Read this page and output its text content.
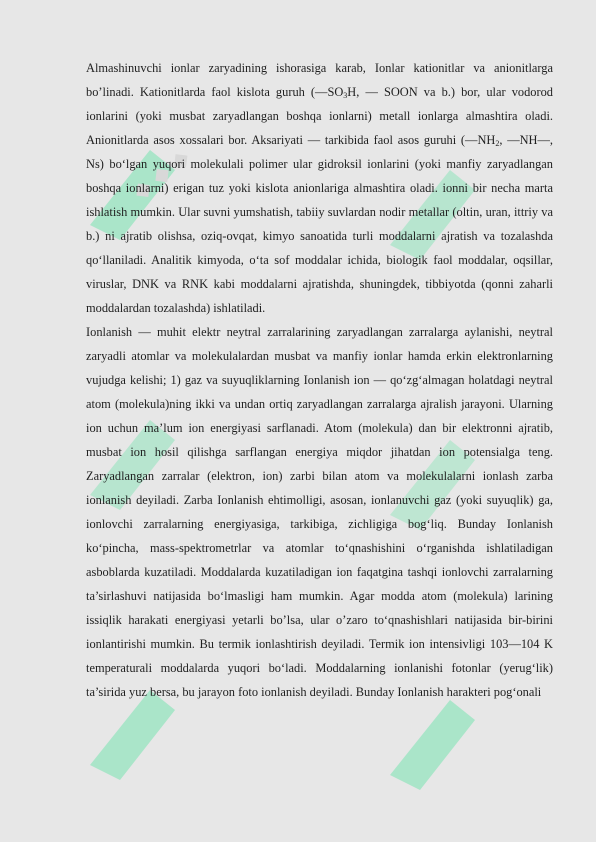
◆ ◆ ◆

Almashinuvchi ionlar zaryadining ishorasiga karab, Ionlar kationitlar va anionitlarga bo’linadi. Kationitlarda faol kislota guruh ($—SO_3H$, — SOON va b.) bor, ular vodorod ionlarini (yoki musbat zaryadlangan boshqa ionlarni) metall ionlarga almashtira oladi. Anionitlarda asos xossalari bor. Aksariyati — tarkibida faol asos guruhi ($—NH_2$, —NH—, Ns) bo‘lgan yuqori molekulali polimer ular gidroksil ionlarini (yoki manfiy zaryadlangan boshqa ionlarni) erigan tuz yoki kislota anionlariga almashtira oladi. ionni bir necha marta ishlatish mumkin. Ular suvni yumshatish, tabiiy suvlardan nodir metallar (oltin, uran, ittriy va b.) ni ajratib olishsa, oziq-ovqat, kimyo sanoatida turli moddalarni ajratish va tozalashda qo‘llaniladi. Analitik kimyoda, o‘ta sof moddalar ichida, biologik faol moddalar, oqsillar, viruslar, DNK va RNK kabi moddalarni ajratishda, shuningdek, tibbiyotda (qonni zaharli moddalardan tozalashda) ishlatiladi.

Ionlanish — muhit elektr neytral zarralarining zaryadlangan zarralarga aylanishi, neytral zaryadli atomlar va molekulalardan musbat va manfiy ionlar hamda erkin elektronlarning vujudga kelishi; 1) gaz va suyuqliklarning Ionlanish ion — qo‘zg‘almagan holatdagi neytral atom (molekula)ning ikki va undan ortiq zaryadlangan zarralarga ajralish jarayoni. Ularning ion uchun ma’lum ion energiyasi sarflanadi. Atom (molekula) dan bir elektronni ajratib, musbat ion hosil qilishga sarflangan energiya miqdor jihatdan ion potensialga teng. Zaryadlangan zarralar (elektron, ion) zarbi bilan atom va molekulalarni ionlash zarba ionlanish deyiladi. Zarba Ionlanish ehtimolligi, asosan, ionlanuvchi gaz (yoki suyuqlik) ga, ionlovchi zarralarning energiyasiga, tarkibiga, zichligiga bog‘liq. Bunday Ionlanish ko‘pincha, mass-spektrometrlar va atomlar to‘qnashishini o‘rganishda ishlatiladigan asboblarda kuzatiladi. Moddalarda kuzatiladigan ion faqatgina tashqi ionlovchi zarralarning ta’sirlashuvi natijasida bo‘lmasligi ham mumkin. Agar modda atom (molekula) larining issiqlik harakati energiyasi yetarli bo’lsa, ular o’zaro to‘qnashishlari natijasida bir-birini ionlantirishi mumkin. Bu termik ionlashtirish deyiladi. Termik ion intensivligi 103—104 K temperaturali moddalarda yuqori bo‘ladi. Moddalarning ionlanishi fotonlar (yerug‘lik) ta’sirida yuz bersa, bu jarayon foto ionlanish deyiladi. Bunday Ionlanish harakteri pog‘onali
